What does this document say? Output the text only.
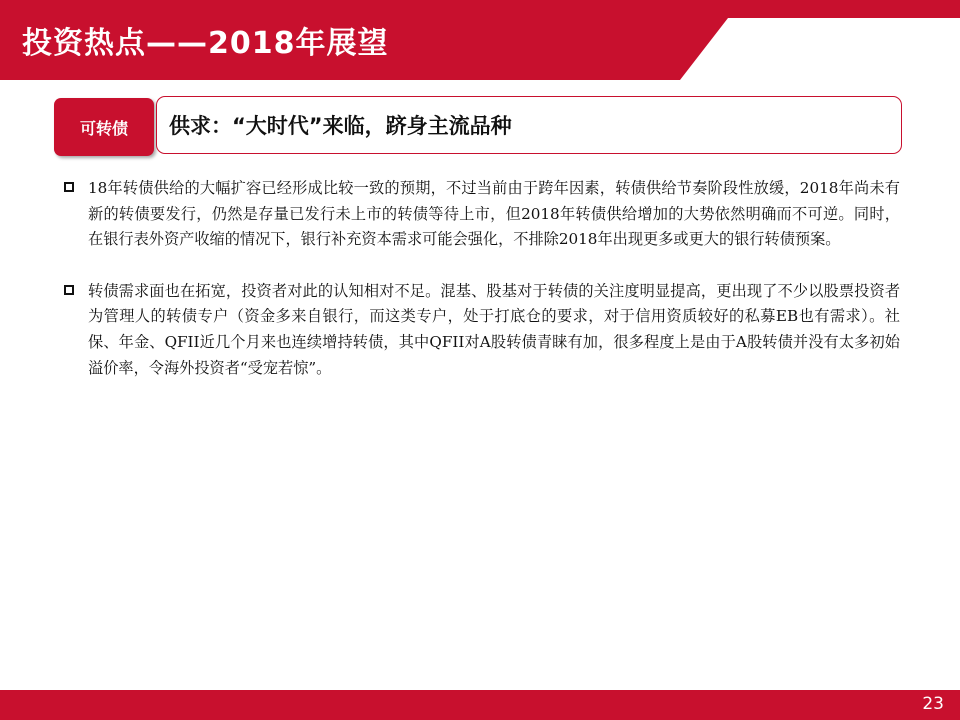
投资热点——2018年展望
可转债	供求：“大时代”来临，跻身主流品种

18年转债供给的大幅扩容已经形成比较一致的预期，不过当前由于跨年因素，转债供给节奏阶段性放缓，2018年尚未有新的转债要发行，仍然是存量已发行未上市的转债等待上市，但2018年转债供给增加的大势依然明确而不可逆。同时，在银行表外资产收缩的情况下，银行补充资本需求可能会强化，不排除2018年出现更多或更大的银行转债预案。

转债需求面也在拓宽，投资者对此的认知相对不足。混基、股基对于转债的关注度明显提高，更出现了不少以股票投资者为管理人的转债专户（资金多来自银行，而这类专户，处于打底仓的要求，对于信用资质较好的私募EB也有需求）。社保、年金、QFII近几个月来也连续增持转债，其中QFII对A股转债青睐有加，很多程度上是由于A股转债并没有太多初始溢价率，令海外投资者“受宠若惊”。

23
